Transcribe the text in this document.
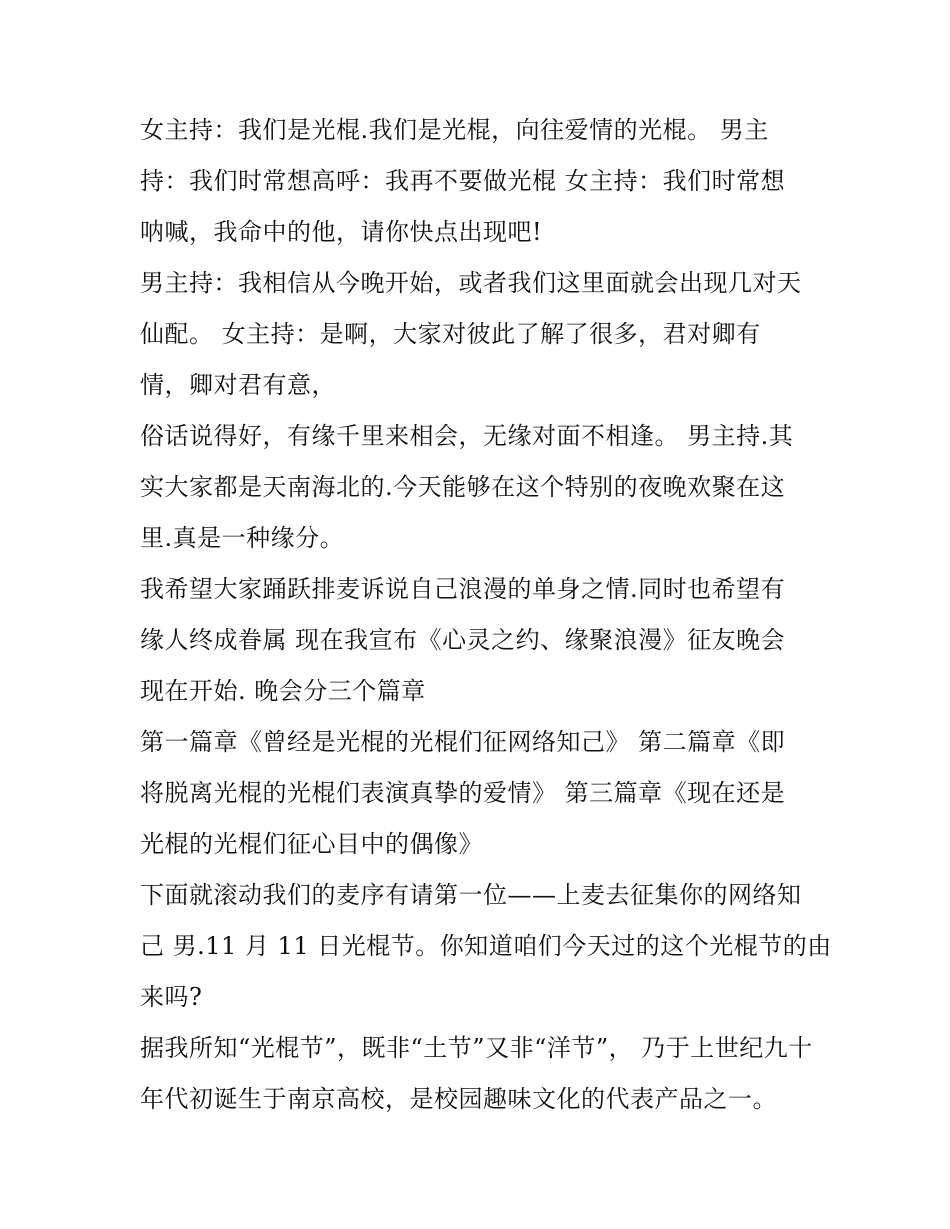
女主持：我们是光棍.我们是光棍，向往爱情的光棍。 男主
持：我们时常想高呼：我再不要做光棍 女主持：我们时常想
呐喊，我命中的他，请你快点出现吧!
男主持：我相信从今晚开始，或者我们这里面就会出现几对天
仙配。 女主持：是啊，大家对彼此了解了很多，君对卿有
情，卿对君有意，
俗话说得好，有缘千里来相会，无缘对面不相逢。 男主持.其
实大家都是天南海北的.今天能够在这个特别的夜晚欢聚在这
里.真是一种缘分。
我希望大家踊跃排麦诉说自己浪漫的单身之情.同时也希望有
缘人终成眷属 现在我宣布《心灵之约、缘聚浪漫》征友晚会
现在开始. 晚会分三个篇章
第一篇章《曾经是光棍的光棍们征网络知己》 第二篇章《即
将脱离光棍的光棍们表演真挚的爱情》 第三篇章《现在还是
光棍的光棍们征心目中的偶像》
下面就滚动我们的麦序有请第一位——上麦去征集你的网络知
己 男.11 月 11 日光棍节。你知道咱们今天过的这个光棍节的由
来吗?
据我所知“光棍节”，既非“土节”又非“洋节”， 乃于上世纪九十
年代初诞生于南京高校，是校园趣味文化的代表产品之一。
